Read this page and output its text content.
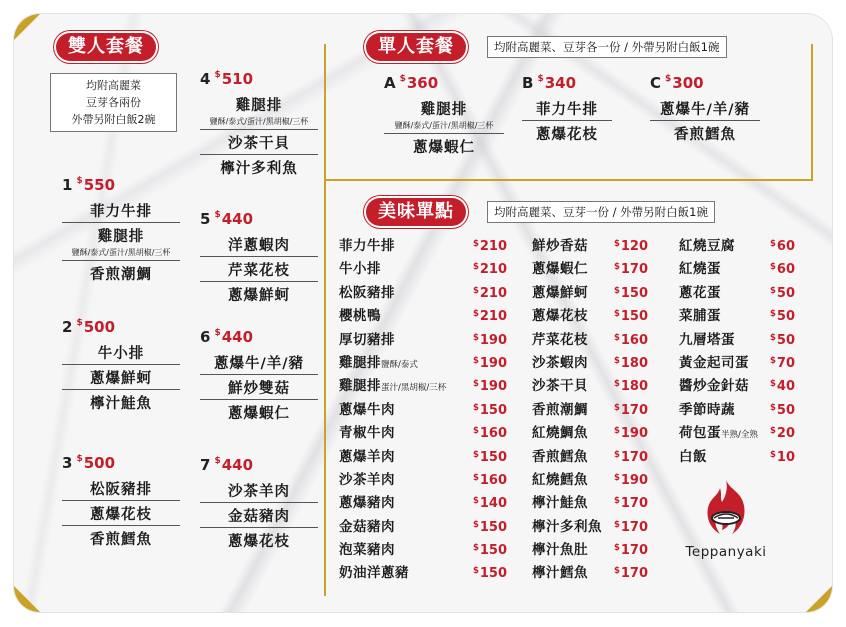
雙人套餐
均附高麗菜
豆芽各兩份
外帶另附白飯2碗
單人套餐	均附高麗菜、豆芽各一份 / 外帶另附白飯1碗
美味單點	均附高麗菜、豆芽一份 / 外帶另附白飯1碗
1 $550
菲力牛排
雞腿排
鹽酥/泰式/蛋汁/黑胡椒/三杯
香煎潮鯛
2 $500
牛小排
蔥爆鮮蚵
檸汁鮭魚
3 $500
松阪豬排
蔥爆花枝
香煎鱈魚
4 $510
雞腿排
鹽酥/泰式/蛋汁/黑胡椒/三杯
沙茶干貝
檸汁多利魚
5 $440
洋蔥蝦肉
芹菜花枝
蔥爆鮮蚵
6 $440
蔥爆牛/羊/豬
鮮炒雙菇
蔥爆蝦仁
7 $440
沙茶羊肉
金菇豬肉
蔥爆花枝
A $360
雞腿排
鹽酥/泰式/蛋汁/黑胡椒/三杯
蔥爆蝦仁
B $340
菲力牛排
蔥爆花枝
C $300
蔥爆牛/羊/豬
香煎鱈魚
菲力牛排	$210
牛小排	$210
松阪豬排	$210
櫻桃鴨	$210
厚切豬排	$190
雞腿排鹽酥/泰式	$190
雞腿排蛋汁/黑胡椒/三杯	$190
蔥爆牛肉	$150
青椒牛肉	$160
蔥爆羊肉	$150
沙茶羊肉	$160
蔥爆豬肉	$140
金菇豬肉	$150
泡菜豬肉	$150
奶油洋蔥豬	$150
鮮炒香菇	$120
蔥爆蝦仁	$170
蔥爆鮮蚵	$150
蔥爆花枝	$150
芹菜花枝	$160
沙茶蝦肉	$180
沙茶干貝	$180
香煎潮鯛	$170
紅燒鯛魚	$190
香煎鱈魚	$170
紅燒鱈魚	$190
檸汁鮭魚	$170
檸汁多利魚 $170
檸汁魚肚	$170
檸汁鱈魚	$170
紅燒豆腐	$60
紅燒蛋	$60
蔥花蛋	$50
菜脯蛋	$50
九層塔蛋	$50
黃金起司蛋 $70
醬炒金針菇 $40
季節時蔬	$50
荷包蛋半熟/全熟 $20
白飯	$10
Teppanyaki
